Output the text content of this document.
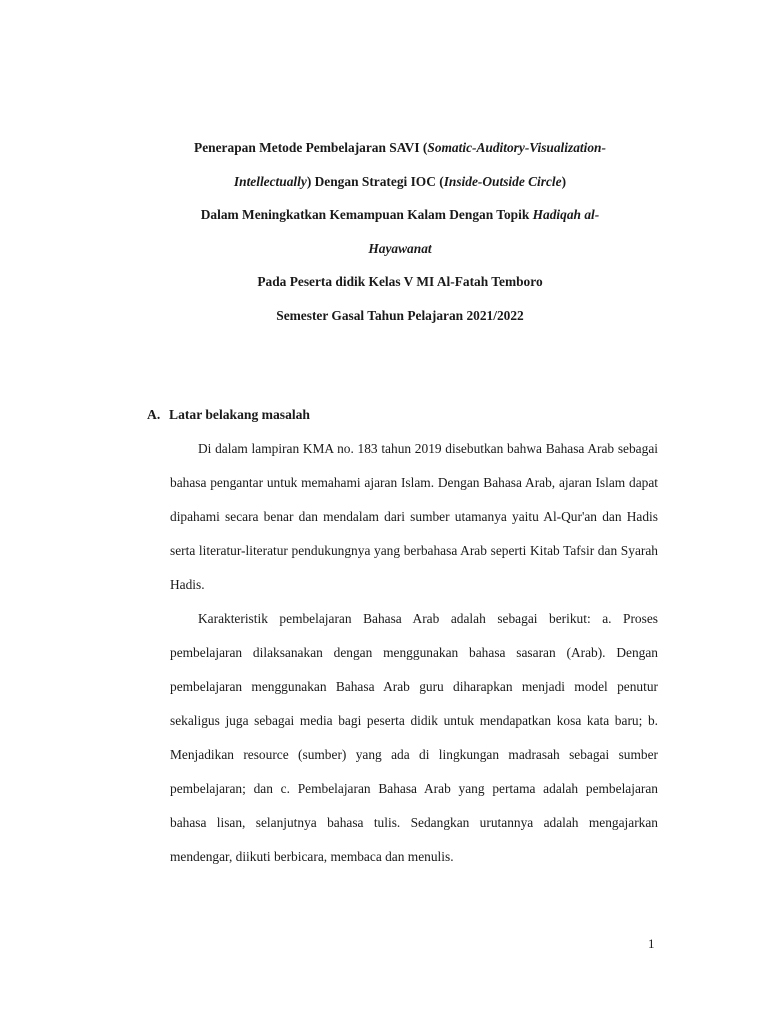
Penerapan Metode Pembelajaran SAVI (Somatic-Auditory-Visualization-
Intellectually) Dengan Strategi IOC (Inside-Outside Circle)
Dalam Meningkatkan Kemampuan Kalam Dengan Topik Hadiqah al-
Hayawanat
Pada Peserta didik Kelas V MI Al-Fatah Temboro
Semester Gasal Tahun Pelajaran 2021/2022
A. Latar belakang masalah

Di dalam lampiran KMA no. 183 tahun 2019 disebutkan bahwa Bahasa Arab sebagai bahasa pengantar untuk memahami ajaran Islam. Dengan Bahasa Arab, ajaran Islam dapat dipahami secara benar dan mendalam dari sumber utamanya yaitu Al-Qur'an dan Hadis serta literatur-literatur pendukungnya yang berbahasa Arab seperti Kitab Tafsir dan Syarah Hadis.

Karakteristik pembelajaran Bahasa Arab adalah sebagai berikut: a. Proses pembelajaran dilaksanakan dengan menggunakan bahasa sasaran (Arab). Dengan pembelajaran menggunakan Bahasa Arab guru diharapkan menjadi model penutur sekaligus juga sebagai media bagi peserta didik untuk mendapatkan kosa kata baru; b. Menjadikan resource (sumber) yang ada di lingkungan madrasah sebagai sumber pembelajaran; dan c. Pembelajaran Bahasa Arab yang pertama adalah pembelajaran bahasa lisan, selanjutnya bahasa tulis. Sedangkan urutannya adalah mengajarkan mendengar, diikuti berbicara, membaca dan menulis.

1
